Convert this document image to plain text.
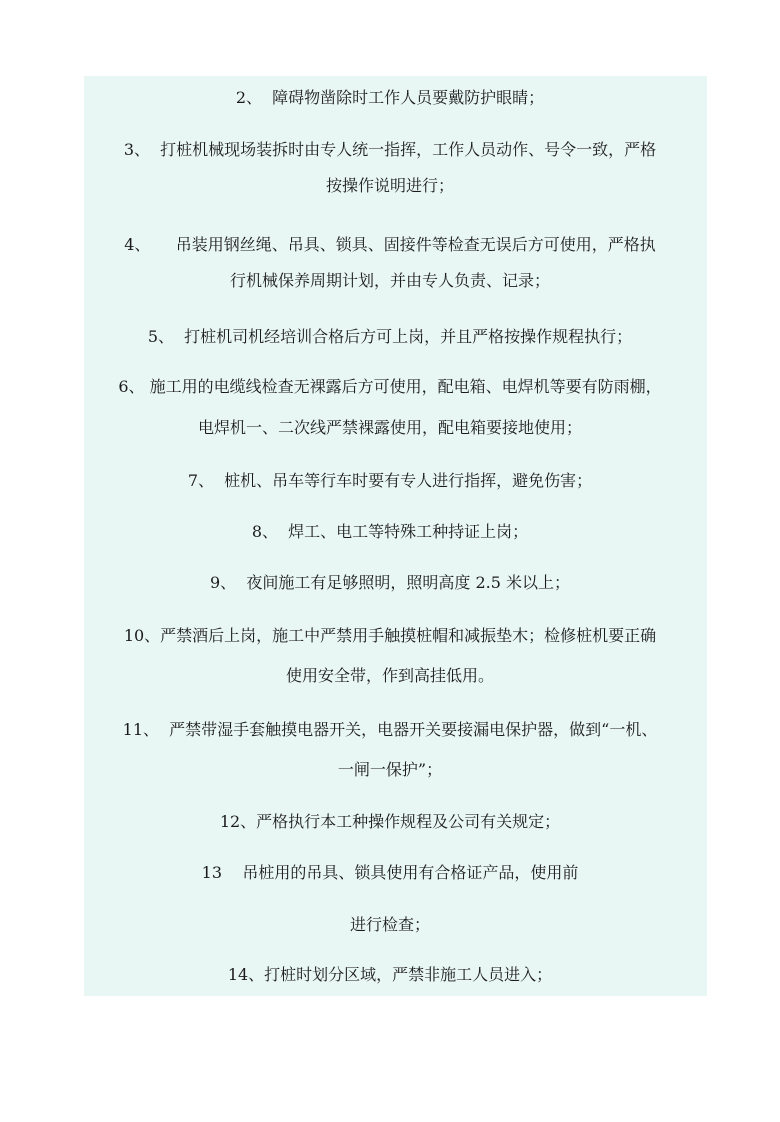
2、  障碍物凿除时工作人员要戴防护眼睛；
3、  打桩机械现场装拆时由专人统一指挥，工作人员动作、号令一致，严格
按操作说明进行；
4、     吊装用钢丝绳、吊具、锁具、固接件等检查无误后方可使用，严格执
行机械保养周期计划，并由专人负责、记录；
5、  打桩机司机经培训合格后方可上岗，并且严格按操作规程执行；
6、 施工用的电缆线检查无裸露后方可使用，配电箱、电焊机等要有防雨棚，
电焊机一、二次线严禁裸露使用，配电箱要接地使用；
7、  桩机、吊车等行车时要有专人进行指挥，避免伤害；
8、  焊工、电工等特殊工种持证上岗；
9、  夜间施工有足够照明，照明高度 2.5 米以上；
10、严禁酒后上岗，施工中严禁用手触摸桩帽和减振垫木；检修桩机要正确
使用安全带，作到高挂低用。
11、  严禁带湿手套触摸电器开关，电器开关要接漏电保护器，做到“一机、
一闸一保护”；
12、严格执行本工种操作规程及公司有关规定；
13    吊桩用的吊具、锁具使用有合格证产品，使用前
进行检查；
14、打桩时划分区域，严禁非施工人员进入；
